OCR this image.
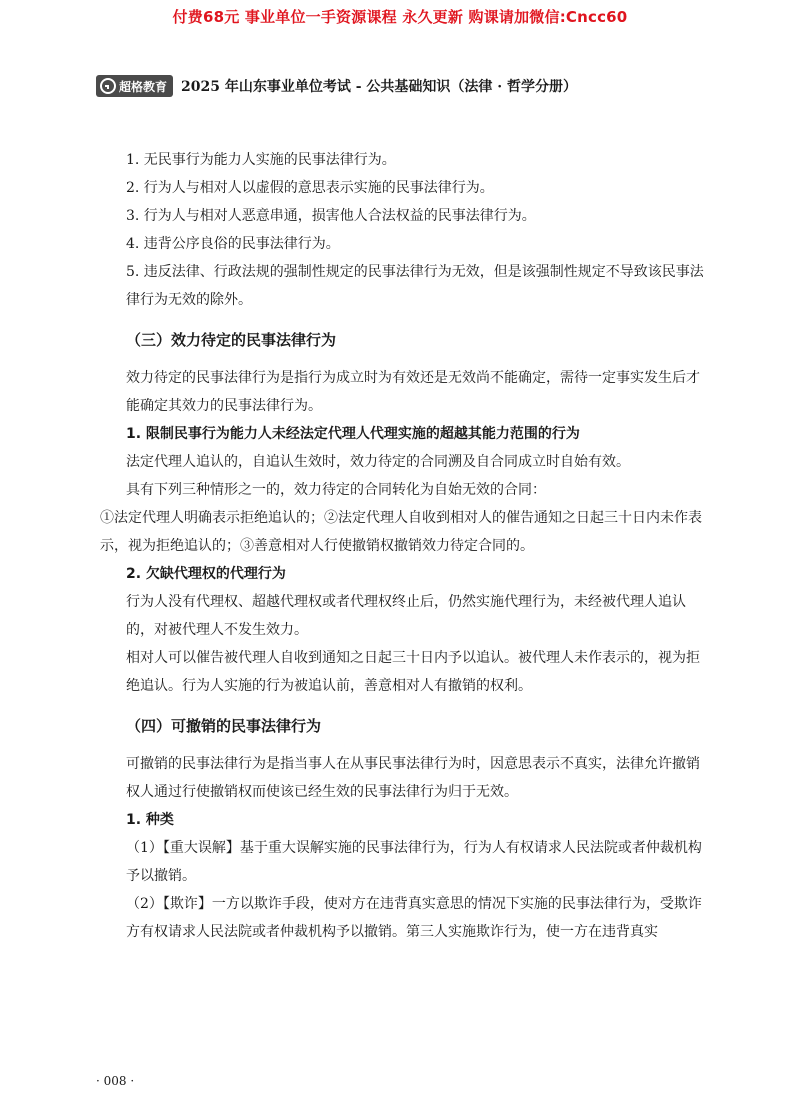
付费68元 事业单位一手资源课程 永久更新 购课请加微信:Cncc60
超格教育 2025 年山东事业单位考试 - 公共基础知识（法律 · 哲学分册）

1. 无民事行为能力人实施的民事法律行为。

2. 行为人与相对人以虚假的意思表示实施的民事法律行为。

3. 行为人与相对人恶意串通，损害他人合法权益的民事法律行为。

4. 违背公序良俗的民事法律行为。

5. 违反法律、行政法规的强制性规定的民事法律行为无效，但是该强制性规定不导致该民事法律行为无效的除外。

（三）效力待定的民事法律行为

效力待定的民事法律行为是指行为成立时为有效还是无效尚不能确定，需待一定事实发生后才能确定其效力的民事法律行为。

1. 限制民事行为能力人未经法定代理人代理实施的超越其能力范围的行为

法定代理人追认的，自追认生效时，效力待定的合同溯及自合同成立时自始有效。

具有下列三种情形之一的，效力待定的合同转化为自始无效的合同：

①法定代理人明确表示拒绝追认的；②法定代理人自收到相对人的催告通知之日起三十日内未作表示，视为拒绝追认的；③善意相对人行使撤销权撤销效力待定合同的。

2. 欠缺代理权的代理行为

行为人没有代理权、超越代理权或者代理权终止后，仍然实施代理行为，未经被代理人追认的，对被代理人不发生效力。

相对人可以催告被代理人自收到通知之日起三十日内予以追认。被代理人未作表示的，视为拒绝追认。行为人实施的行为被追认前，善意相对人有撤销的权利。

（四）可撤销的民事法律行为

可撤销的民事法律行为是指当事人在从事民事法律行为时，因意思表示不真实，法律允许撤销权人通过行使撤销权而使该已经生效的民事法律行为归于无效。

1. 种类

（1）【重大误解】基于重大误解实施的民事法律行为，行为人有权请求人民法院或者仲裁机构予以撤销。

（2）【欺诈】一方以欺诈手段，使对方在违背真实意思的情况下实施的民事法律行为，受欺诈方有权请求人民法院或者仲裁机构予以撤销。第三人实施欺诈行为，使一方在违背真实

· 008 ·
